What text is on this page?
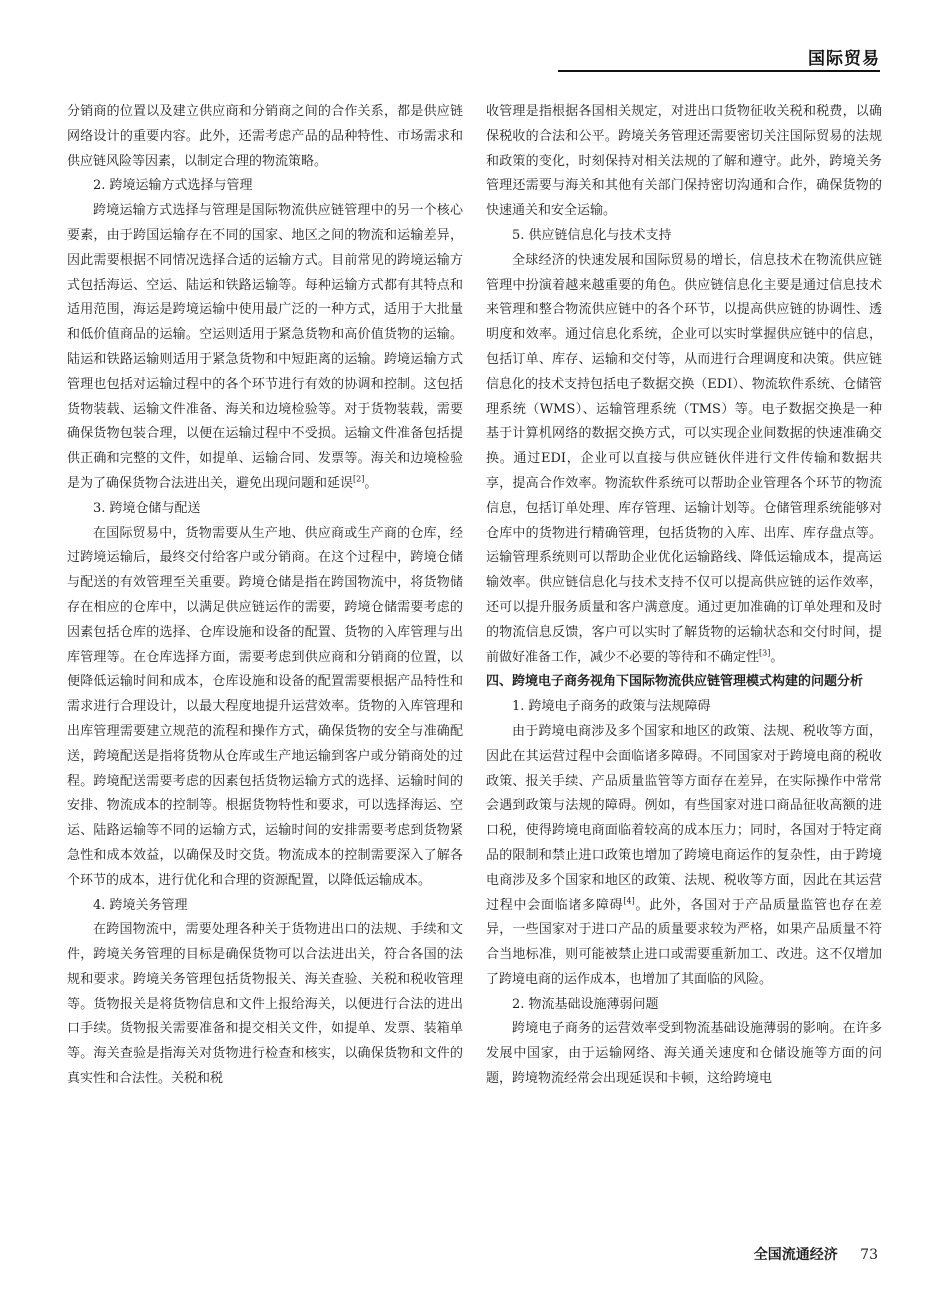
国际贸易

分销商的位置以及建立供应商和分销商之间的合作关系，都是供应链网络设计的重要内容。此外，还需考虑产品的品种特性、市场需求和供应链风险等因素，以制定合理的物流策略。

2. 跨境运输方式选择与管理

跨境运输方式选择与管理是国际物流供应链管理中的另一个核心要素，由于跨国运输存在不同的国家、地区之间的物流和运输差异，因此需要根据不同情况选择合适的运输方式。目前常见的跨境运输方式包括海运、空运、陆运和铁路运输等。每种运输方式都有其特点和适用范围，海运是跨境运输中使用最广泛的一种方式，适用于大批量和低价值商品的运输。空运则适用于紧急货物和高价值货物的运输。陆运和铁路运输则适用于紧急货物和中短距离的运输。跨境运输方式管理也包括对运输过程中的各个环节进行有效的协调和控制。这包括货物装载、运输文件准备、海关和边境检验等。对于货物装载，需要确保货物包装合理，以便在运输过程中不受损。运输文件准备包括提供正确和完整的文件，如提单、运输合同、发票等。海关和边境检验是为了确保货物合法进出关，避免出现问题和延误[2]。

3. 跨境仓储与配送

在国际贸易中，货物需要从生产地、供应商或生产商的仓库，经过跨境运输后，最终交付给客户或分销商。在这个过程中，跨境仓储与配送的有效管理至关重要。跨境仓储是指在跨国物流中，将货物储存在相应的仓库中，以满足供应链运作的需要，跨境仓储需要考虑的因素包括仓库的选择、仓库设施和设备的配置、货物的入库管理与出库管理等。在仓库选择方面，需要考虑到供应商和分销商的位置，以便降低运输时间和成本，仓库设施和设备的配置需要根据产品特性和需求进行合理设计，以最大程度地提升运营效率。货物的入库管理和出库管理需要建立规范的流程和操作方式，确保货物的安全与准确配送，跨境配送是指将货物从仓库或生产地运输到客户或分销商处的过程。跨境配送需要考虑的因素包括货物运输方式的选择、运输时间的安排、物流成本的控制等。根据货物特性和要求，可以选择海运、空运、陆路运输等不同的运输方式，运输时间的安排需要考虑到货物紧急性和成本效益，以确保及时交货。物流成本的控制需要深入了解各个环节的成本，进行优化和合理的资源配置，以降低运输成本。

4. 跨境关务管理

在跨国物流中，需要处理各种关于货物进出口的法规、手续和文件，跨境关务管理的目标是确保货物可以合法进出关，符合各国的法规和要求。跨境关务管理包括货物报关、海关查验、关税和税收管理等。货物报关是将货物信息和文件上报给海关，以便进行合法的进出口手续。货物报关需要准备和提交相关文件，如提单、发票、装箱单等。海关查验是指海关对货物进行检查和核实，以确保货物和文件的真实性和合法性。关税和税

收管理是指根据各国相关规定，对进出口货物征收关税和税费，以确保税收的合法和公平。跨境关务管理还需要密切关注国际贸易的法规和政策的变化，时刻保持对相关法规的了解和遵守。此外，跨境关务管理还需要与海关和其他有关部门保持密切沟通和合作，确保货物的快速通关和安全运输。

5. 供应链信息化与技术支持

全球经济的快速发展和国际贸易的增长，信息技术在物流供应链管理中扮演着越来越重要的角色。供应链信息化主要是通过信息技术来管理和整合物流供应链中的各个环节，以提高供应链的协调性、透明度和效率。通过信息化系统，企业可以实时掌握供应链中的信息，包括订单、库存、运输和交付等，从而进行合理调度和决策。供应链信息化的技术支持包括电子数据交换（EDI）、物流软件系统、仓储管理系统（WMS）、运输管理系统（TMS）等。电子数据交换是一种基于计算机网络的数据交换方式，可以实现企业间数据的快速准确交换。通过EDI，企业可以直接与供应链伙伴进行文件传输和数据共享，提高合作效率。物流软件系统可以帮助企业管理各个环节的物流信息，包括订单处理、库存管理、运输计划等。仓储管理系统能够对仓库中的货物进行精确管理，包括货物的入库、出库、库存盘点等。运输管理系统则可以帮助企业优化运输路线、降低运输成本，提高运输效率。供应链信息化与技术支持不仅可以提高供应链的运作效率，还可以提升服务质量和客户满意度。通过更加准确的订单处理和及时的物流信息反馈，客户可以实时了解货物的运输状态和交付时间，提前做好准备工作，减少不必要的等待和不确定性[3]。

四、跨境电子商务视角下国际物流供应链管理模式构建的问题分析

1. 跨境电子商务的政策与法规障碍

由于跨境电商涉及多个国家和地区的政策、法规、税收等方面，因此在其运营过程中会面临诸多障碍。不同国家对于跨境电商的税收政策、报关手续、产品质量监管等方面存在差异，在实际操作中常常会遇到政策与法规的障碍。例如，有些国家对进口商品征收高额的进口税，使得跨境电商面临着较高的成本压力；同时，各国对于特定商品的限制和禁止进口政策也增加了跨境电商运作的复杂性，由于跨境电商涉及多个国家和地区的政策、法规、税收等方面，因此在其运营过程中会面临诸多障碍[4]。此外，各国对于产品质量监管也存在差异，一些国家对于进口产品的质量要求较为严格，如果产品质量不符合当地标准，则可能被禁止进口或需要重新加工、改进。这不仅增加了跨境电商的运作成本，也增加了其面临的风险。

2. 物流基础设施薄弱问题

跨境电子商务的运营效率受到物流基础设施薄弱的影响。在许多发展中国家，由于运输网络、海关通关速度和仓储设施等方面的问题，跨境物流经常会出现延误和卡顿，这给跨境电

全国流通经济 73
